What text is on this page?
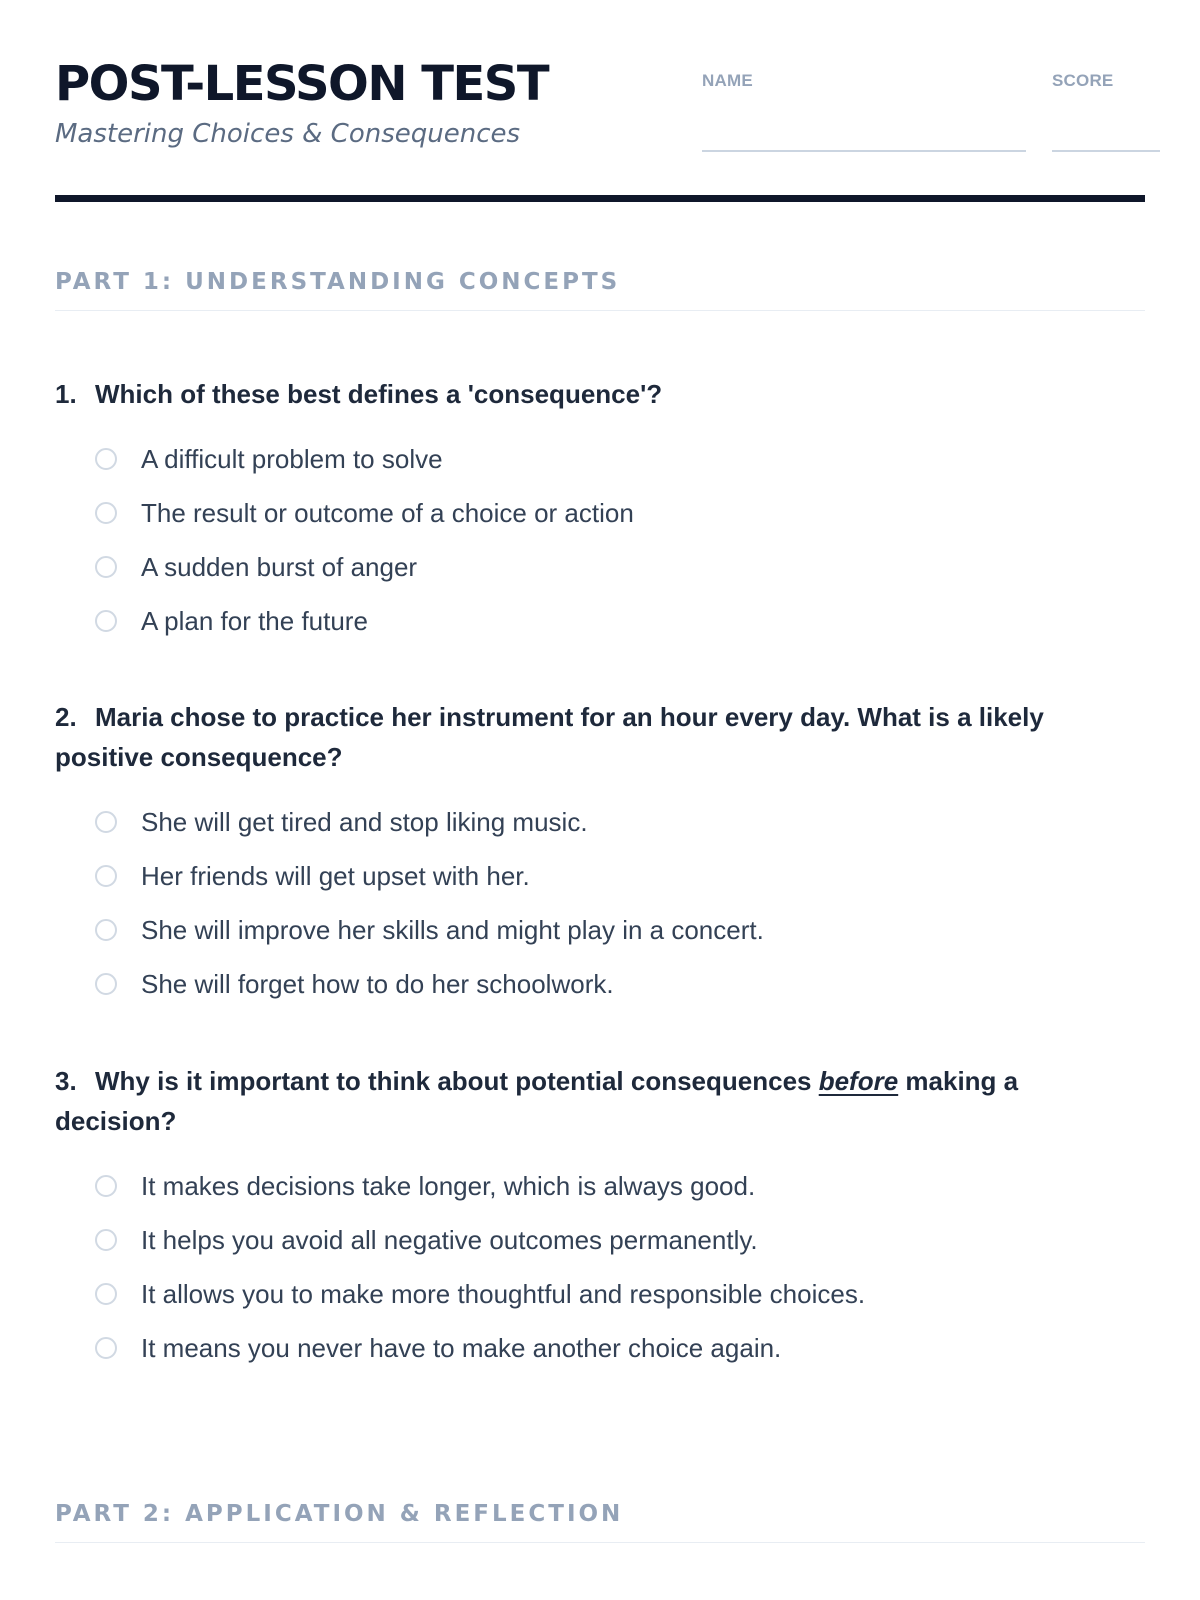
POST-LESSON TEST
Mastering Choices & Consequences
NAME	SCORE
PART 1: UNDERSTANDING CONCEPTS

1. Which of these best defines a 'consequence'?

A difficult problem to solve
The result or outcome of a choice or action
A sudden burst of anger
A plan for the future

2. Maria chose to practice her instrument for an hour every day. What is a likely positive consequence?

She will get tired and stop liking music.
Her friends will get upset with her.
She will improve her skills and might play in a concert.
She will forget how to do her schoolwork.

3. Why is it important to think about potential consequences before making a decision?

It makes decisions take longer, which is always good.
It helps you avoid all negative outcomes permanently.
It allows you to make more thoughtful and responsible choices.
It means you never have to make another choice again.
PART 2: APPLICATION & REFLECTION
